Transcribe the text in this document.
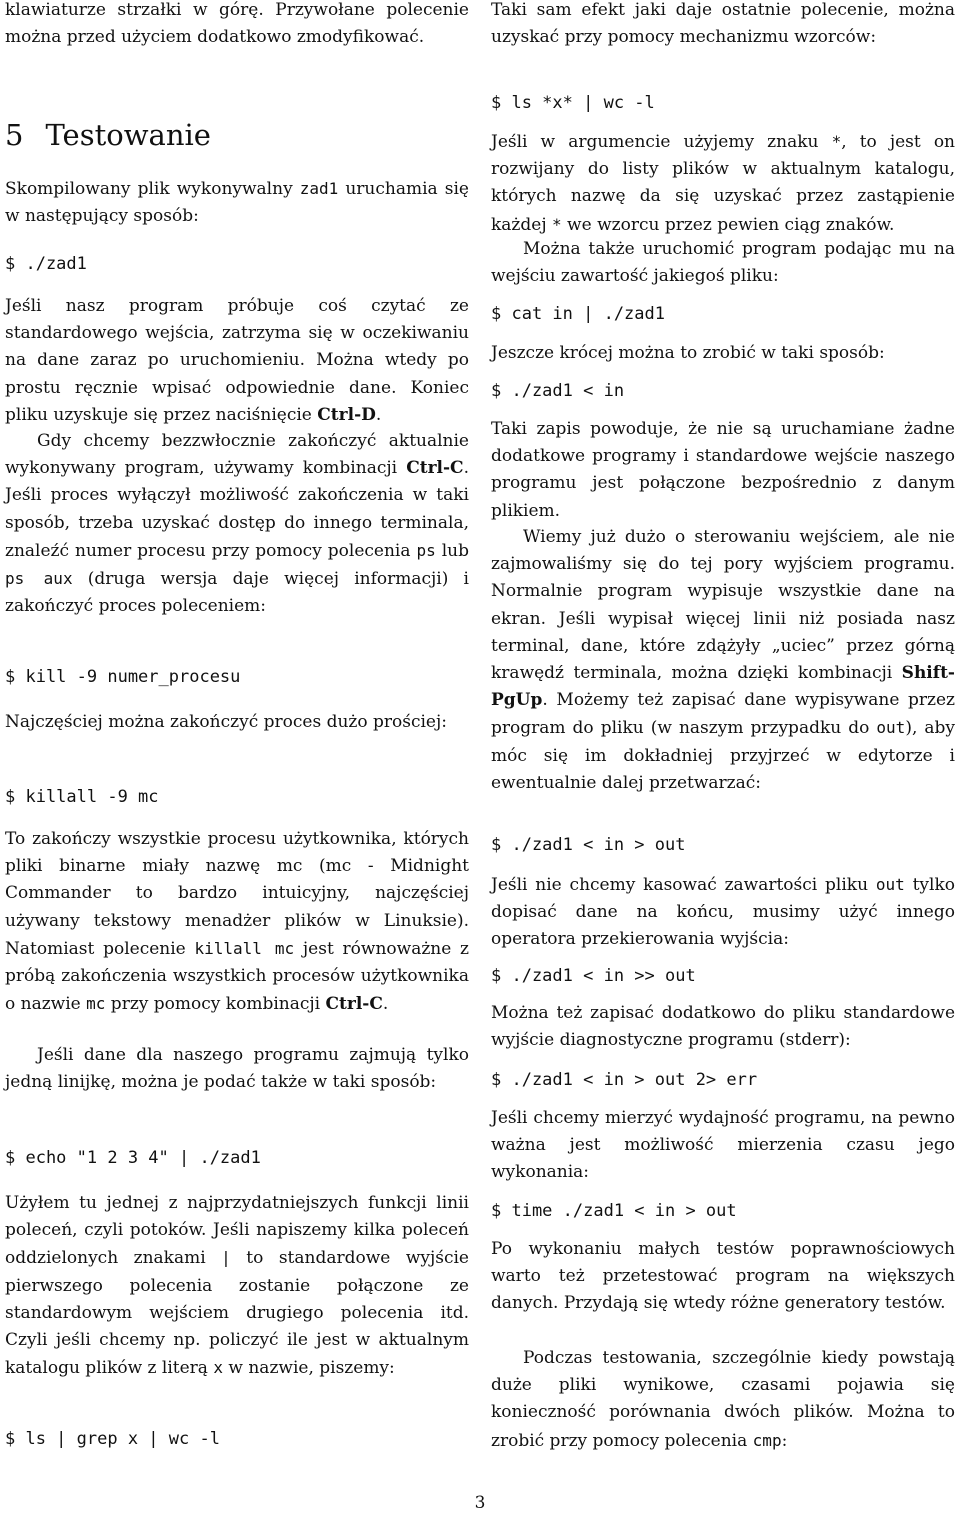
klawiaturze strzałki w górę. Przywołane polecenie można przed użyciem dodatkowo zmodyfikować.

5 Testowanie

Skompilowany plik wykonywalny zad1 uruchamia się w następujący sposób:

$ ./zad1

Jeśli nasz program próbuje coś czytać ze standardowego wejścia, zatrzyma się w oczekiwaniu na dane zaraz po uruchomieniu. Można wtedy po prostu ręcznie wpisać odpowiednie dane. Koniec pliku uzyskuje się przez naciśnięcie Ctrl-D.

Gdy chcemy bezzwłocznie zakończyć aktualnie wykonywany program, używamy kombinacji Ctrl-C. Jeśli proces wyłączył możliwość zakończenia w taki sposób, trzeba uzyskać dostęp do innego terminala, znaleźć numer procesu przy pomocy polecenia ps lub ps aux (druga wersja daje więcej informacji) i zakończyć proces poleceniem:

$ kill -9 numer_procesu

Najczęściej można zakończyć proces dużo prościej:

$ killall -9 mc

To zakończy wszystkie procesu użytkownika, których pliki binarne miały nazwę mc (mc - Midnight Commander to bardzo intuicyjny, najczęściej używany tekstowy menadżer plików w Linuksie). Natomiast polecenie killall mc jest równoważne z próbą zakończenia wszystkich procesów użytkownika o nazwie mc przy pomocy kombinacji Ctrl-C.

Jeśli dane dla naszego programu zajmują tylko jedną linijkę, można je podać także w taki sposób:

$ echo "1 2 3 4" | ./zad1

Użyłem tu jednej z najprzydatniejszych funkcji linii poleceń, czyli potoków. Jeśli napiszemy kilka poleceń oddzielonych znakami | to standardowe wyjście pierwszego polecenia zostanie połączone ze standardowym wejściem drugiego polecenia itd. Czyli jeśli chcemy np. policzyć ile jest w aktualnym katalogu plików z literą x w nazwie, piszemy:

$ ls | grep x | wc -l

Taki sam efekt jaki daje ostatnie polecenie, można uzyskać przy pomocy mechanizmu wzorców:

$ ls *x* | wc -l

Jeśli w argumencie użyjemy znaku *, to jest on rozwijany do listy plików w aktualnym katalogu, których nazwę da się uzyskać przez zastąpienie każdej * we wzorcu przez pewien ciąg znaków.

Można także uruchomić program podając mu na wejściu zawartość jakiegoś pliku:

$ cat in | ./zad1

Jeszcze krócej można to zrobić w taki sposób:

$ ./zad1 < in

Taki zapis powoduje, że nie są uruchamiane żadne dodatkowe programy i standardowe wejście naszego programu jest połączone bezpośrednio z danym plikiem.

Wiemy już dużo o sterowaniu wejściem, ale nie zajmowaliśmy się do tej pory wyjściem programu. Normalnie program wypisuje wszystkie dane na ekran. Jeśli wypisał więcej linii niż posiada nasz terminal, dane, które zdążyły „uciec” przez górną krawędź terminala, można dzięki kombinacji Shift-PgUp. Możemy też zapisać dane wypisywane przez program do pliku (w naszym przypadku do out), aby móc się im dokładniej przyjrzeć w edytorze i ewentualnie dalej przetwarzać:

$ ./zad1 < in > out

Jeśli nie chcemy kasować zawartości pliku out tylko dopisać dane na końcu, musimy użyć innego operatora przekierowania wyjścia:

$ ./zad1 < in >> out

Można też zapisać dodatkowo do pliku standardowe wyjście diagnostyczne programu (stderr):

$ ./zad1 < in > out 2> err

Jeśli chcemy mierzyć wydajność programu, na pewno ważna jest możliwość mierzenia czasu jego wykonania:

$ time ./zad1 < in > out

Po wykonaniu małych testów poprawnościowych warto też przetestować program na większych danych. Przydają się wtedy różne generatory testów.

Podczas testowania, szczególnie kiedy powstają duże pliki wynikowe, czasami pojawia się konieczność porównania dwóch plików. Można to zrobić przy pomocy polecenia cmp:

3
